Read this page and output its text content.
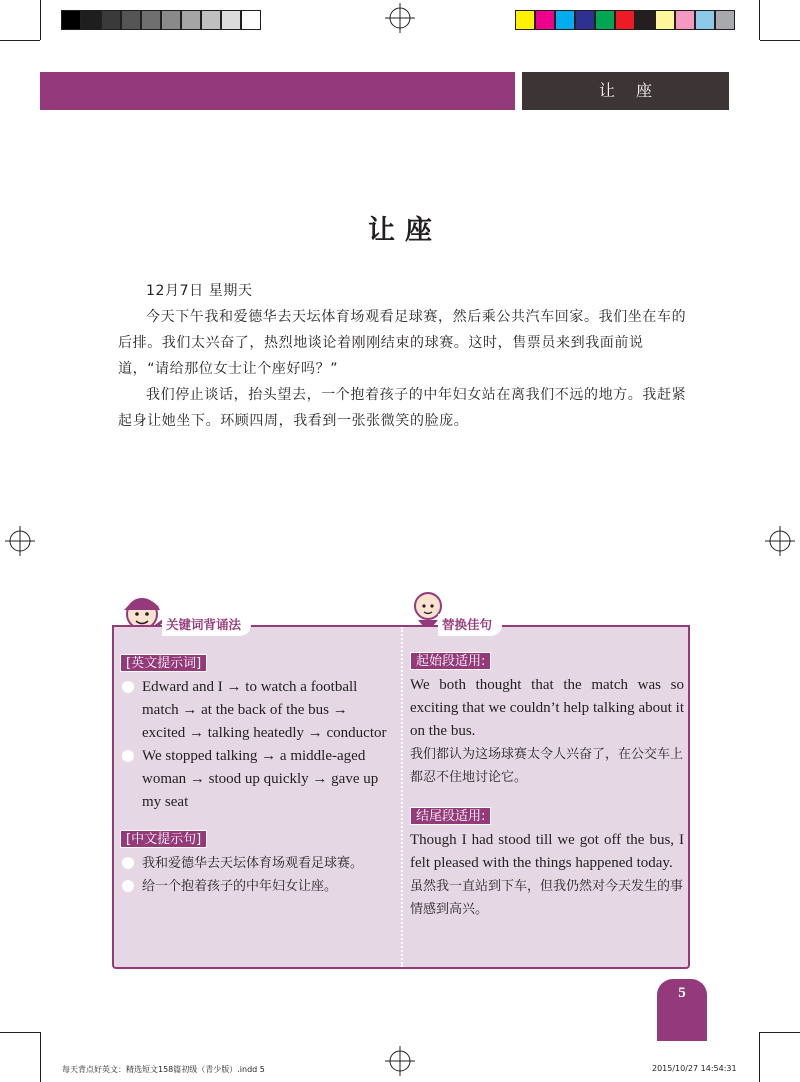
让 座
让座

12月7日 星期天

今天下午我和爱德华去天坛体育场观看足球赛，然后乘公共汽车回家。我们坐在车的后排。我们太兴奋了，热烈地谈论着刚刚结束的球赛。这时，售票员来到我面前说道，“请给那位女士让个座好吗？”

我们停止谈话，抬头望去，一个抱着孩子的中年妇女站在离我们不远的地方。我赶紧起身让她坐下。环顾四周，我看到一张张微笑的脸庞。

关键词背诵法	替换佳句
[英文提示词]
Edward and I → to watch a football match → at the back of the bus → excited → talking heatedly → conductor
We stopped talking → a middle-aged woman → stood up quickly → gave up my seat
[中文提示句]
我和爱德华去天坛体育场观看足球赛。
给一个抱着孩子的中年妇女让座。
起始段适用:
We both thought that the match was so exciting that we couldn’t help talking about it on the bus.
我们都认为这场球赛太令人兴奋了，在公交车上都忍不住地讨论它。
结尾段适用:
Though I had stood till we got off the bus, I felt pleased with the things happened today.
虽然我一直站到下车，但我仍然对今天发生的事情感到高兴。
5
每天背点好英文：精选短文158篇初级（青少版）.indd 5	2015/10/27 14:54:31
